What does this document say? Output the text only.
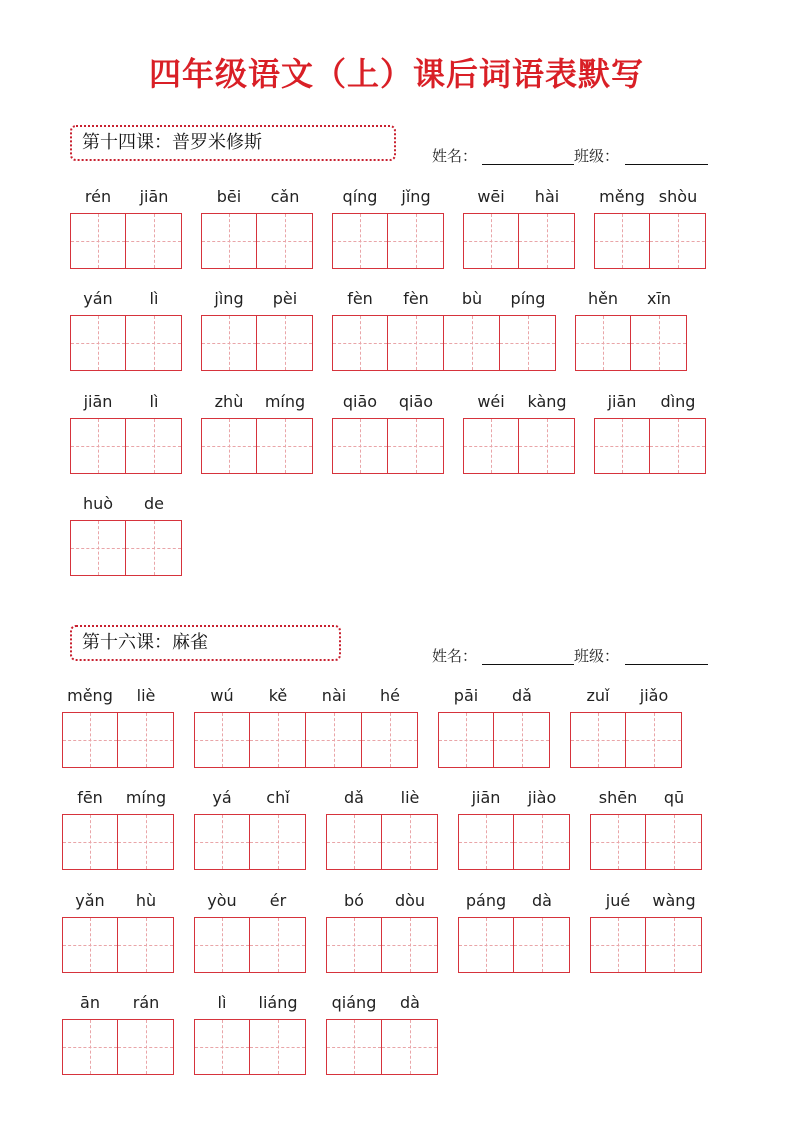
四年级语文（上）课后词语表默写
第十四课：普罗米修斯
姓名：	班级：
rén	jiān	bēi	cǎn	qíng	jǐng	wēi	hài	měng shòu
yán	lì	jìng	pèi	fèn	fèn	bù	píng	hěn	xīn
jiān	lì	zhù	míng	qiāo	qiāo	wéi	kàng	jiān	dìng
huò	de
第十六课：麻雀
姓名：	班级：
měng	liè	wú	kě	nài	hé	pāi	dǎ	zuǐ	jiǎo
fēn	míng	yá	chǐ	dǎ	liè	jiān	jiào	shēn	qū
yǎn	hù	yòu	ér	bó	dòu	páng	dà	jué	wàng
ān	rán	lì	liáng	qiáng	dà
